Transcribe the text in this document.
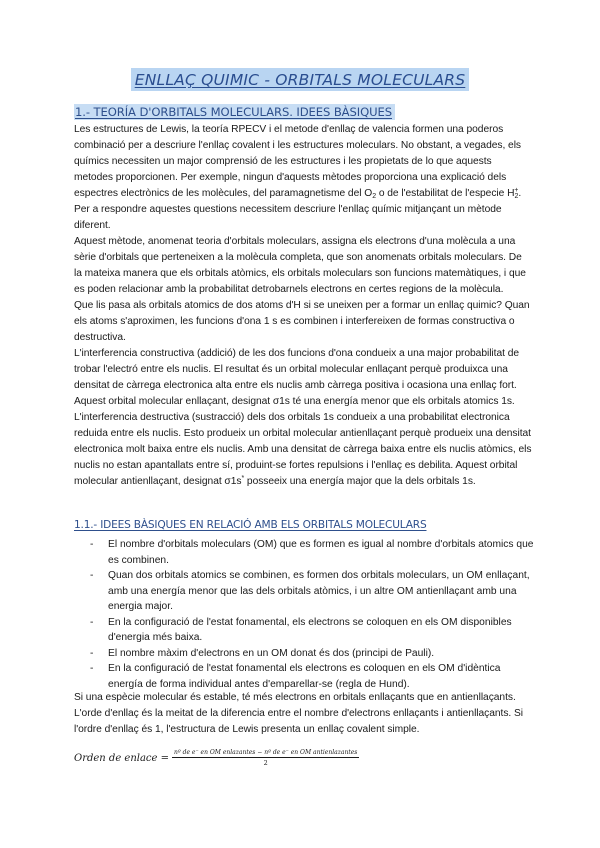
ENLLAÇ QUIMIC - ORBITALS MOLECULARS
1.- TEORÍA D'ORBITALS MOLECULARS. IDEES BÀSIQUES

Les estructures de Lewis, la teoría RPECV i el metode d'enllaç de valencia formen una poderos combinació per a descriure l'enllaç covalent i les estructures moleculars. No obstant, a vegades, els químics necessiten un major comprensió de les estructures i les propietats de lo que aquests metodes proporcionen. Per exemple, ningun d'aquests mètodes proporciona una explicació dels espectres electrònics de les molècules, del paramagnetisme del $O_2$ o de l'estabilitat de l'especie $H_2^+$. Per a respondre aquestes questions necessitem descriure l'enllaç químic mitjançant un mètode diferent.

Aquest mètode, anomenat teoria d'orbitals moleculars, assigna els electrons d'una molècula a una sèrie d'orbitals que perteneixen a la molècula completa, que son anomenats orbitals moleculars. De la mateixa manera que els orbitals atòmics, els orbitals moleculars son funcions matemàtiques, i que es poden relacionar amb la probabilitat detrobarnels electrons en certes regions de la molècula.

Que lis pasa als orbitals atomics de dos atoms d'H si se uneixen per a formar un enllaç quimic? Quan els atoms s'aproximen, les funcions d'ona 1 s es combinen i interfereixen de formas constructiva o destructiva.

L'interferencia constructiva (addició) de les dos funcions d'ona condueix a una major probabilitat de trobar l'electró entre els nuclis. El resultat és un orbital molecular enllaçant perquè produixca una densitat de càrrega electronica alta entre els nuclis amb càrrega positiva i ocasiona una enllaç fort. Aquest orbital molecular enllaçant, designat σ1s té una energía menor que els orbitals atomics 1s.

L'interferencia destructiva (sustracció) dels dos orbitals 1s condueix a una probabilitat electronica reduida entre els nuclis. Esto produeix un orbital molecular antienllaçant perquè produeix una densitat electronica molt baixa entre els nuclis. Amb una densitat de càrrega baixa entre els nuclis atòmics, els nuclis no estan apantallats entre sí, produint-se fortes repulsions i l'enllaç es debilita. Aquest orbital molecular antienllaçant, designat σ1s* posseeix una energía major que la dels orbitals 1s.

1.1.- IDEES BÀSIQUES EN RELACIÓ AMB ELS ORBITALS MOLECULARS
- El nombre d'orbitals moleculars (OM) que es formen es igual al nombre d'orbitals atomics que es combinen.
- Quan dos orbitals atomics se combinen, es formen dos orbitals moleculars, un OM enllaçant, amb una energía menor que las dels orbitals atòmics, i un altre OM antienllaçant amb una energia major.
- En la configuració de l'estat fonamental, els electrons se coloquen en els OM disponibles d'energia més baixa.
- El nombre màxim d'electrons en un OM donat és dos (principi de Pauli).
- En la configuració de l'estat fonamental els electrons es coloquen en els OM d'idèntica energía de forma individual antes d'emparellar-se (regla de Hund).

Si una espècie molecular és estable, té més electrons en orbitals enllaçants que en antienllaçants. L'orde d'enllaç és la meitat de la diferencia entre el nombre d'electrons enllaçants i antienllaçants. Si l'ordre d'enllaç és 1, l'estructura de Lewis presenta un enllaç covalent simple.

Orden de enlace = $\frac{\text{nº de e⁻ en OM enlazantes − nº de e⁻ en OM antienlazantes}}{2}$
